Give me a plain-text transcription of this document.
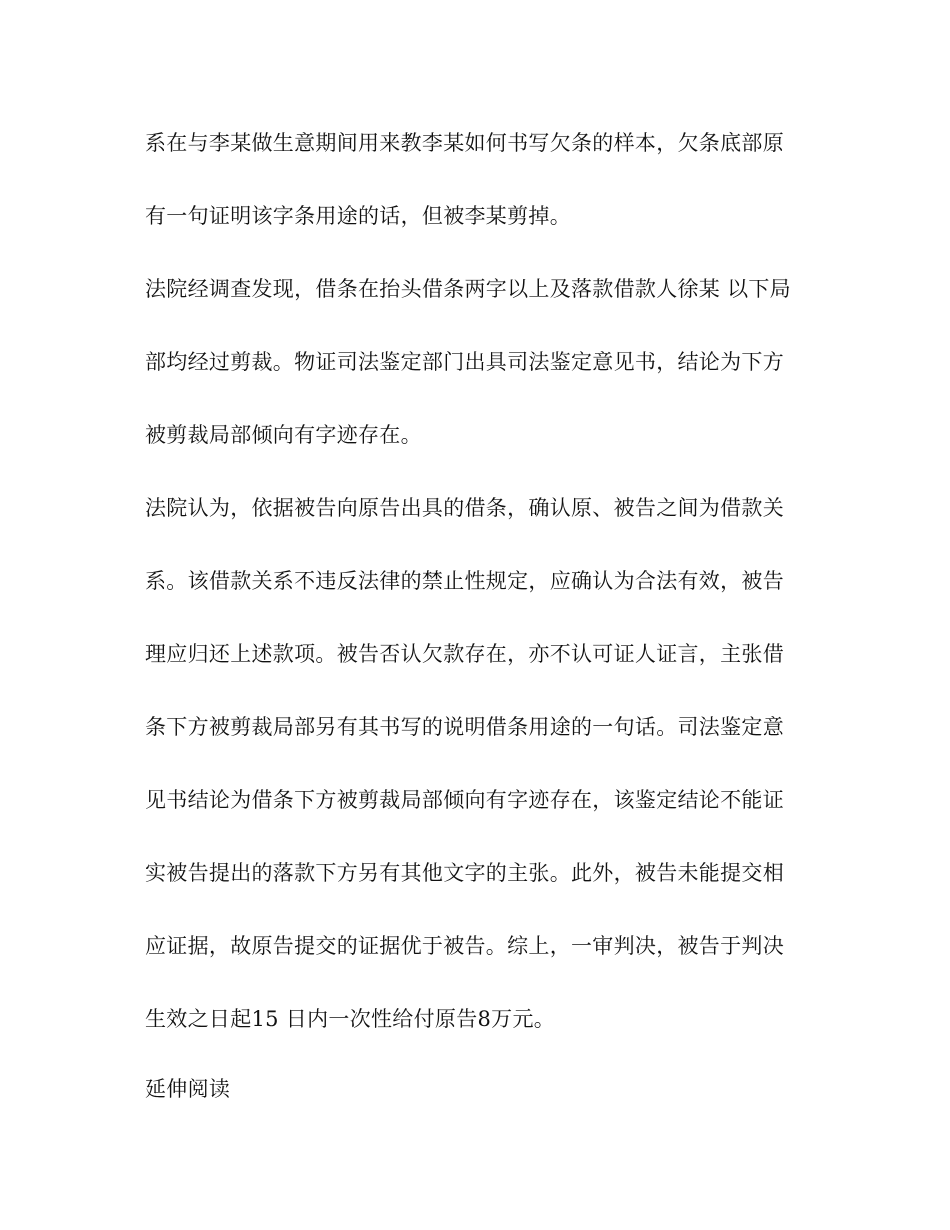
系在与李某做生意期间用来教李某如何书写欠条的样本，欠条底部原
有一句证明该字条用途的话，但被李某剪掉。
法院经调查发现，借条在抬头借条两字以上及落款借款人徐某 以下局
部均经过剪裁。物证司法鉴定部门出具司法鉴定意见书，结论为下方
被剪裁局部倾向有字迹存在。
法院认为，依据被告向原告出具的借条，确认原、被告之间为借款关
系。该借款关系不违反法律的禁止性规定，应确认为合法有效，被告
理应归还上述款项。被告否认欠款存在，亦不认可证人证言，主张借
条下方被剪裁局部另有其书写的说明借条用途的一句话。司法鉴定意
见书结论为借条下方被剪裁局部倾向有字迹存在，该鉴定结论不能证
实被告提出的落款下方另有其他文字的主张。此外，被告未能提交相
应证据，故原告提交的证据优于被告。综上，一审判决，被告于判决
生效之日起15 日内一次性给付原告8万元。
延伸阅读
